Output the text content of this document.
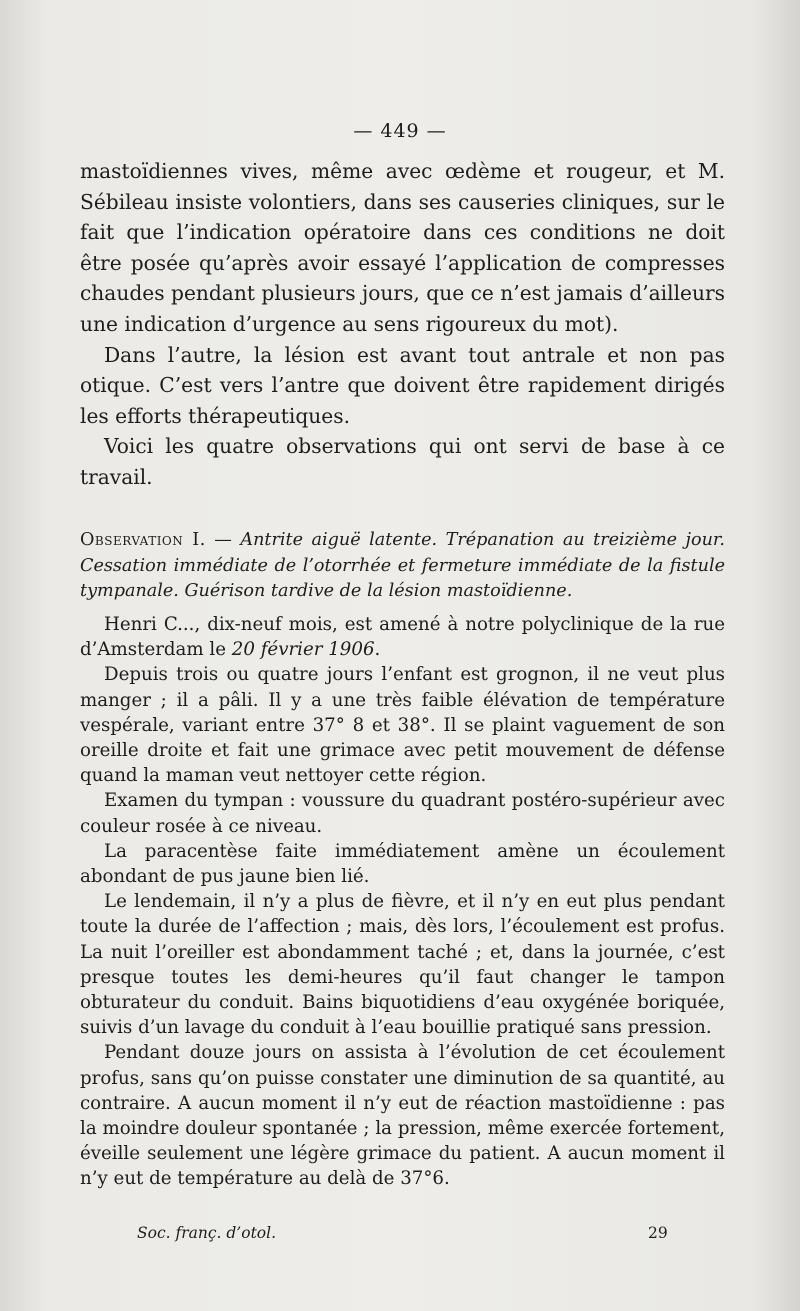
— 449 —

mastoïdiennes vives, même avec œdème et rougeur, et M. Sébileau insiste volontiers, dans ses causeries cliniques, sur le fait que l’indication opératoire dans ces conditions ne doit être posée qu’après avoir essayé l’application de compresses chaudes pendant plusieurs jours, que ce n’est jamais d’ailleurs une indication d’urgence au sens rigoureux du mot).

Dans l’autre, la lésion est avant tout antrale et non pas otique. C’est vers l’antre que doivent être rapidement dirigés les efforts thérapeutiques.

Voici les quatre observations qui ont servi de base à ce travail.

Observation I. — Antrite aiguë latente. Trépanation au treizième jour. Cessation immédiate de l’otorrhée et fermeture immédiate de la fistule tympanale. Guérison tardive de la lésion mastoïdienne.

Henri C..., dix-neuf mois, est amené à notre polyclinique de la rue d’Amsterdam le 20 février 1906.

Depuis trois ou quatre jours l’enfant est grognon, il ne veut plus manger ; il a pâli. Il y a une très faible élévation de température vespérale, variant entre 37° 8 et 38°. Il se plaint vaguement de son oreille droite et fait une grimace avec petit mouvement de défense quand la maman veut nettoyer cette région.

Examen du tympan : voussure du quadrant postéro-supérieur avec couleur rosée à ce niveau.

La paracentèse faite immédiatement amène un écoulement abondant de pus jaune bien lié.

Le lendemain, il n’y a plus de fièvre, et il n’y en eut plus pendant toute la durée de l’affection ; mais, dès lors, l’écoulement est profus. La nuit l’oreiller est abondamment taché ; et, dans la journée, c’est presque toutes les demi-heures qu’il faut changer le tampon obturateur du conduit. Bains biquotidiens d’eau oxygénée boriquée, suivis d’un lavage du conduit à l’eau bouillie pratiqué sans pression.

Pendant douze jours on assista à l’évolution de cet écoulement profus, sans qu’on puisse constater une diminution de sa quantité, au contraire. A aucun moment il n’y eut de réaction mastoïdienne : pas la moindre douleur spontanée ; la pression, même exercée fortement, éveille seulement une légère grimace du patient. A aucun moment il n’y eut de température au delà de 37°6.

Soc. franç. d’otol.	29
